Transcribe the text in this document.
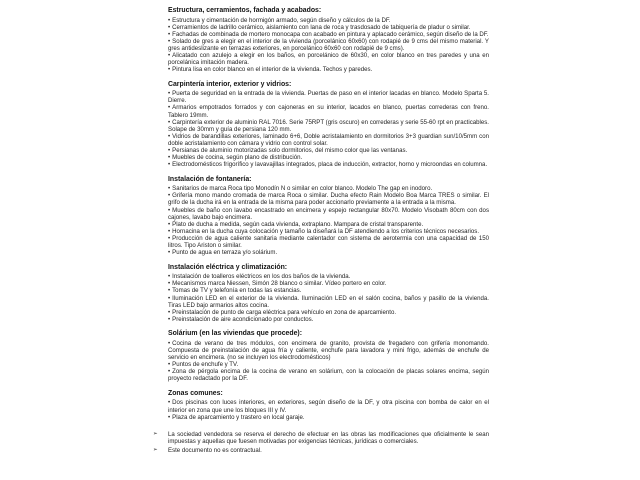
Estructura, cerramientos, fachada y acabados:

• Estructura y cimentación de hormigón armado, según diseño y cálculos de la DF.

• Cerramientos de ladrillo cerámico, aislamiento con lana de roca y trasdosado de tabiquería de pladur o similar.

• Fachadas de combinada de mortero monocapa con acabado en pintura y aplacado cerámico, según diseño de la DF.

• Solado de gres a elegir en el interior de la vivienda (porcelánico 60x60) con rodapié de 9 cms del mismo material. Y gres antideslizante en terrazas exteriores, en porcelánico 60x60 con rodapié de 9 cms).

• Alicatado con azulejo a elegir en los baños, en porcelánico de 60x30, en color blanco en tres paredes y una en porcelánica imitación madera.

• Pintura lisa en color blanco en el interior de la vivienda. Techos y paredes.

Carpintería interior, exterior y vidrios:

• Puerta de seguridad en la entrada de la vivienda. Puertas de paso en el interior lacadas en blanco. Modelo Sparta 5. Dierre.

• Armarios empotrados forrados y con cajoneras en su interior, lacados en blanco, puertas correderas con freno. Tablero 19mm.

• Carpintería exterior de aluminio RAL 7016. Serie 75RPT (gris oscuro) en correderas y serie 55-60 rpt en practicables. Solape de 30mm y guía de persiana 120 mm.

• Vidrios de barandillas exteriores, laminado 6+6, Doble acristalamiento en dormitorios 3+3 guardian sun/10/5mm con doble acristalamiento con cámara y vidrio con control solar.

• Persianas de aluminio motorizadas solo dormitorios, del mismo color que las ventanas.

• Muebles de cocina, según plano de distribución.

• Electrodomésticos frigorífico y lavavajillas integrados, placa de inducción, extractor, horno y microondas en columna.

Instalación de fontanería:

• Sanitarios de marca Roca tipo Monodín N o similar en color blanco. Modelo The gap en inodoro.

• Grifería mono mando cromada de marca Roca o similar. Ducha efecto Rain Modelo Boa Marca TRES o similar. El grifo de la ducha irá en la entrada de la misma para poder accionarlo previamente a la entrada a la misma.

• Muebles de baño con lavabo encastrado en encimera y espejo rectangular 80x70. Modelo Visobath 80cm con dos cajones, lavabo bajo encimera.

• Plato de ducha a medida, según cada vivienda, extraplano. Mampara de cristal transparente.

• Hornacina en la ducha cuya colocación y tamaño la diseñará la DF atendiendo a los criterios técnicos necesarios.

• Producción de agua caliente sanitaria mediante calentador con sistema de aerotermia con una capacidad de 150 litros. Tipo Ariston o similar.

• Punto de agua en terraza y/o solárium.

Instalación eléctrica y climatización:

• Instalación de toalleros eléctricos en los dos baños de la vivienda.

• Mecanismos marca Niessen, Simón 28 blanco o similar. Vídeo portero en color.

• Tomas de TV y telefonía en todas las estancias.

• Iluminación LED en el exterior de la vivienda. Iluminación LED en el salón cocina, baños y pasillo de la vivienda. Tiras LED bajo armarios altos cocina.

• Preinstalación de punto de carga eléctrica para vehículo en zona de aparcamiento.

• Preinstalación de aire acondicionado por conductos.

Solárium (en las viviendas que procede):

• Cocina de verano de tres módulos, con encimera de granito, provista de fregadero con grifería monomando. Compuesta de preinstalación de agua fría y caliente, enchufe para lavadora y mini frigo, además de enchufe de servicio en encimera. (no se incluyen los electrodomésticos)

• Puntos de enchufe y TV.

• Zona de pérgola encima de la cocina de verano en solárium, con la colocación de placas solares encima, según proyecto redactado por la DF.

Zonas comunes:

• Dos piscinas con luces interiores, en exteriores, según diseño de la DF, y otra piscina con bomba de calor en el interior en zona que une los bloques III y IV.

• Plaza de aparcamiento y trastero en local garaje.

➢ La sociedad vendedora se reserva el derecho de efectuar en las obras las modificaciones que oficialmente le sean impuestas y aquellas que fuesen motivadas por exigencias técnicas, jurídicas o comerciales.

➢ Este documento no es contractual.
